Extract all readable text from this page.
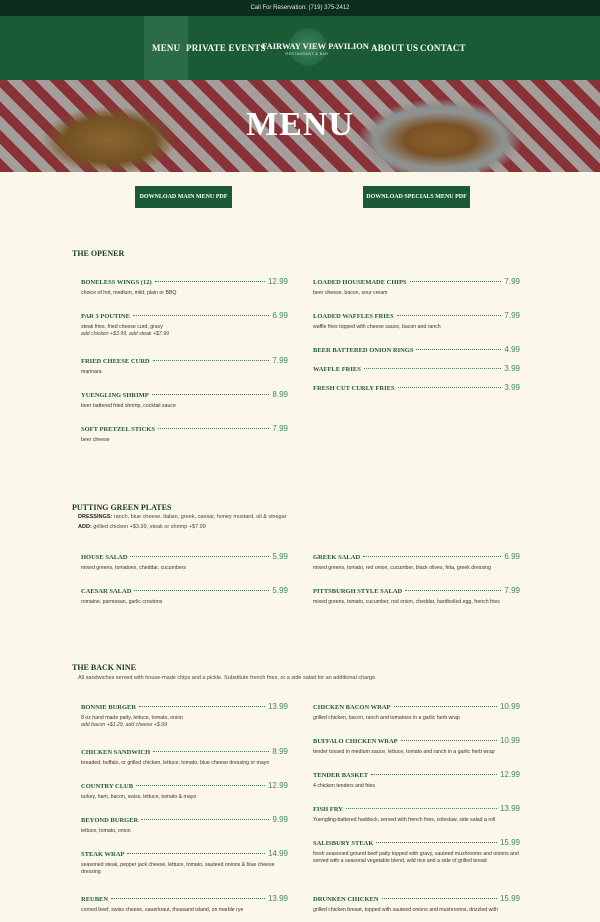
Call For Reservation: (719) 375-2412
MENU PRIVATE EVENTS
FAIRWAY VIEW PAVILION
RESTAURANT & BAR
ABOUT US CONTACT
MENU
DOWNLOAD MAIN MENU PDF	DOWNLOAD SPECIALS MENU PDF
THE OPENER
BONELESS WINGS (12)	12.99
choice of hot, medium, mild, plain or BBQ
PAR 3 POUTINE	6.99
steak fries, fried cheese curd, gravy
add chicken +$3.99, add steak +$7.99
FRIED CHEESE CURD	7.99
marinara
YUENGLING SHRIMP	8.99
beer battered fried shrimp, cocktail sauce
SOFT PRETZEL STICKS	7.99
beer cheese
LOADED HOUSEMADE CHIPS	7.99
beer cheese, bacon, sour cream
LOADED WAFFLES FRIES	7.99
waffle fries topped with cheese sauce, bacon and ranch
BEER BATTERED ONION RINGS	4.99
WAFFLE FRIES	3.99
FRESH CUT CURLY FRIES	3.99
PUTTING GREEN PLATES
DRESSINGS: ranch, blue cheese, italian, greek, caesar, honey mustard, oil & vinegar
ADD: grilled chicken +$3.99, steak or shrimp +$7.99
HOUSE SALAD	5.99
mixed greens, tomatoes, cheddar, cucumbers
CAESAR SALAD	5.99
romaine, parmesan, garlic croutons
GREEK SALAD	6.99
mixed greens, tomato, red onion, cucumber, black olives, feta, greek dressing
PITTSBURGH STYLE SALAD	7.99
mixed greens, tomato, cucumber, red onion, cheddar, hardboiled egg, french fries
THE BACK NINE
All sandwiches served with house-made chips and a pickle. Substitute french fries, or a side salad for an additional charge.
BONNIE BURGER	13.99
8 oz hand made patty, lettuce, tomato, onion
add bacon +$1.29, add cheese +$.99
CHICKEN SANDWICH	8.99
breaded, buffalo, or grilled chicken, lettuce, tomato, blue cheese dressing or mayo
COUNTRY CLUB	12.99
turkey, ham, bacon, swiss, lettuce, tomato & mayo
BEYOND BURGER	9.99
lettuce, tomato, onion
STEAK WRAP	14.99
seasoned steak, pepper jack cheese, lettuce, tomato, sauteed onions & blue cheese dressing
REUBEN	13.99
corned beef, swiss cheese, sauerkraut, thousand island, on marble rye
CHICKEN BACON WRAP	10.99
grilled chicken, bacon, ranch and tomatoes in a garlic herb wrap
BUFFALO CHICKEN WRAP	10.99
tender tossed in medium sauce, lettuce, tomato and ranch in a garlic herb wrap
TENDER BASKET	12.99
4 chicken tenders and fries
FISH FRY	13.99
Yuengling-battered haddock, served with french fries, coleslaw, side salad a roll
SALISBURY STEAK	15.99
fresh seasoned ground beef patty topped with gravy, sauteed mushrooms and onions and served with a seasonal vegetable blend, wild rice and a side of grilled bread
DRUNKEN CHICKEN	15.99
grilled chicken breast, topped with sauteed onions and mushrooms, drizzled with
